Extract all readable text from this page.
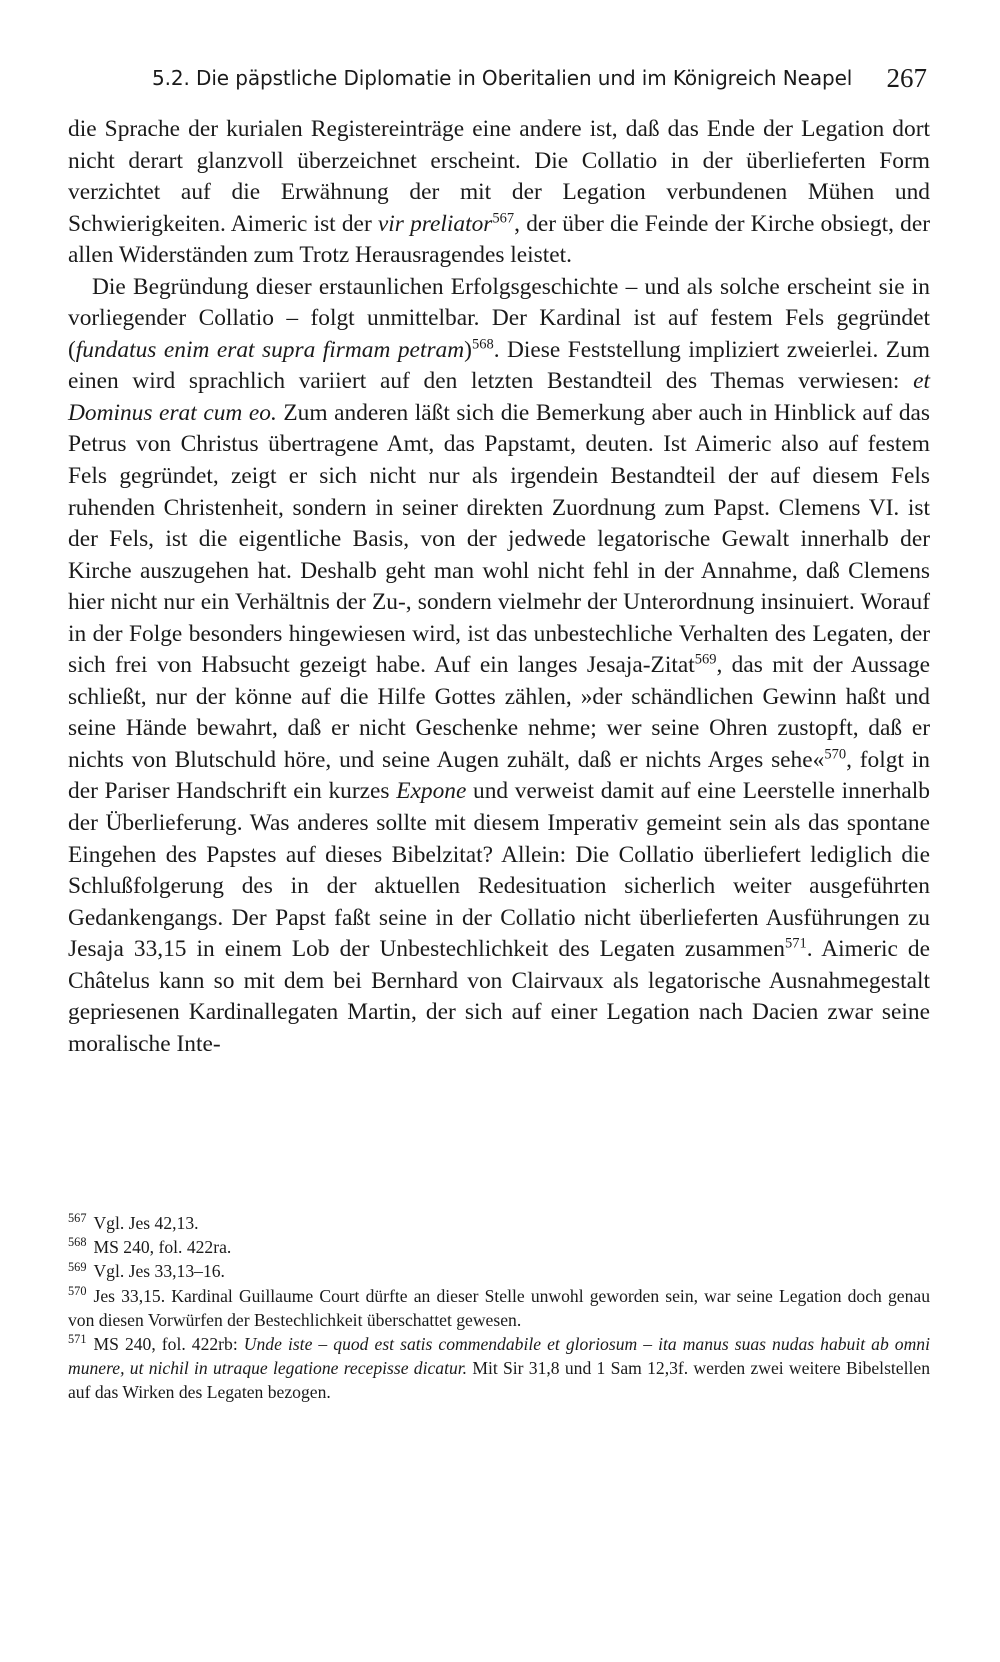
5.2. Die päpstliche Diplomatie in Oberitalien und im Königreich Neapel 267

die Sprache der kurialen Registereinträge eine andere ist, daß das Ende der Legation dort nicht derart glanzvoll überzeichnet erscheint. Die Collatio in der überlieferten Form verzichtet auf die Erwähnung der mit der Legation verbundenen Mühen und Schwierigkeiten. Aimeric ist der vir preliator$^{567}$, der über die Feinde der Kirche obsiegt, der allen Widerständen zum Trotz Herausragendes leistet.

Die Begründung dieser erstaunlichen Erfolgsgeschichte – und als solche erscheint sie in vorliegender Collatio – folgt unmittelbar. Der Kardinal ist auf festem Fels gegründet (fundatus enim erat supra firmam petram)$^{568}$. Diese Feststellung impliziert zweierlei. Zum einen wird sprachlich variiert auf den letzten Bestandteil des Themas verwiesen: et Dominus erat cum eo. Zum anderen läßt sich die Bemerkung aber auch in Hinblick auf das Petrus von Christus übertragene Amt, das Papstamt, deuten. Ist Aimeric also auf festem Fels gegründet, zeigt er sich nicht nur als irgendein Bestandteil der auf diesem Fels ruhenden Christenheit, sondern in seiner direkten Zuordnung zum Papst. Clemens VI. ist der Fels, ist die eigentliche Basis, von der jedwede legatorische Gewalt innerhalb der Kirche auszugehen hat. Deshalb geht man wohl nicht fehl in der Annahme, daß Clemens hier nicht nur ein Verhältnis der Zu-, sondern vielmehr der Unterordnung insinuiert. Worauf in der Folge besonders hingewiesen wird, ist das unbestechliche Verhalten des Legaten, der sich frei von Habsucht gezeigt habe. Auf ein langes Jesaja-Zitat$^{569}$, das mit der Aussage schließt, nur der könne auf die Hilfe Gottes zählen, »der schändlichen Gewinn haßt und seine Hände bewahrt, daß er nicht Geschenke nehme; wer seine Ohren zustopft, daß er nichts von Blutschuld höre, und seine Augen zuhält, daß er nichts Arges sehe«$^{570}$, folgt in der Pariser Handschrift ein kurzes Expone und verweist damit auf eine Leerstelle innerhalb der Überlieferung. Was anderes sollte mit diesem Imperativ gemeint sein als das spontane Eingehen des Papstes auf dieses Bibelzitat? Allein: Die Collatio überliefert lediglich die Schlußfolgerung des in der aktuellen Redesituation sicherlich weiter ausgeführten Gedankengangs. Der Papst faßt seine in der Collatio nicht überlieferten Ausführungen zu Jesaja 33,15 in einem Lob der Unbestechlichkeit des Legaten zusammen$^{571}$. Aimeric de Châtelus kann so mit dem bei Bernhard von Clairvaux als legatorische Ausnahmegestalt gepriesenen Kardinallegaten Martin, der sich auf einer Legation nach Dacien zwar seine moralische Inte-

$^{567}$ Vgl. Jes 42,13.

$^{568}$ MS 240, fol. 422ra.

$^{569}$ Vgl. Jes 33,13–16.

$^{570}$ Jes 33,15. Kardinal Guillaume Court dürfte an dieser Stelle unwohl geworden sein, war seine Legation doch genau von diesen Vorwürfen der Bestechlichkeit überschattet gewesen.

$^{571}$ MS 240, fol. 422rb: Unde iste – quod est satis commendabile et gloriosum – ita manus suas nudas habuit ab omni munere, ut nichil in utraque legatione recepisse dicatur. Mit Sir 31,8 und 1 Sam 12,3f. werden zwei weitere Bibelstellen auf das Wirken des Legaten bezogen.
